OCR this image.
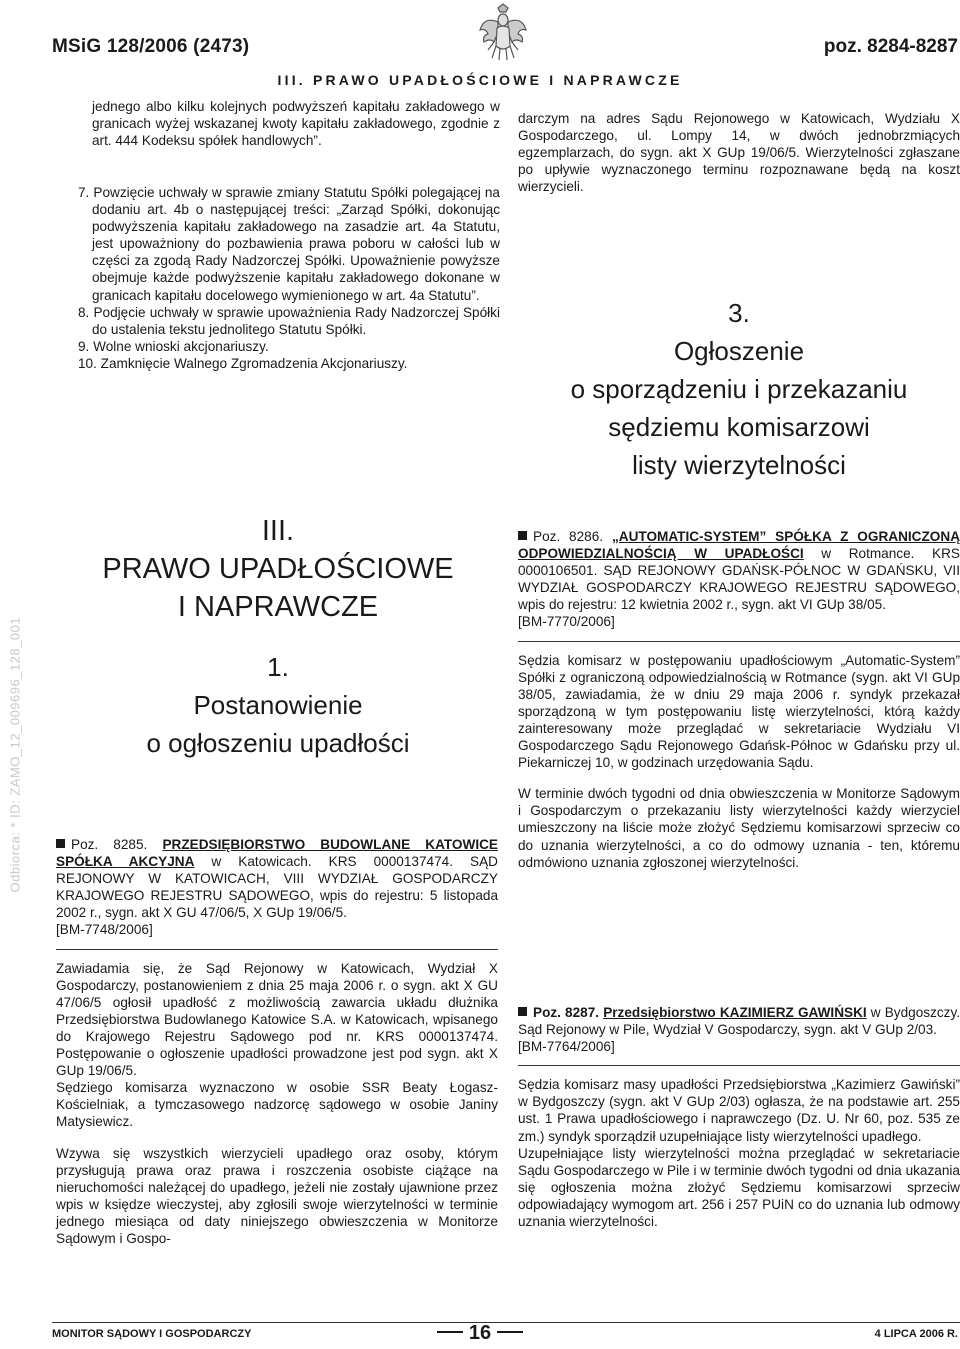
MSiG 128/2006 (2473)	poz. 8284-8287
III. PRAWO UPADŁOŚCIOWE I NAPRAWCZE

jednego albo kilku kolejnych podwyższeń kapitału zakładowego w granicach wyżej wskazanej kwoty kapitału zakładowego, zgodnie z art. 444 Kodeksu spółek handlowych”.

7. Powzięcie uchwały w sprawie zmiany Statutu Spółki polegającej na dodaniu art. 4b o następującej treści: „Zarząd Spółki, dokonując podwyższenia kapitału zakładowego na zasadzie art. 4a Statutu, jest upoważniony do pozbawienia prawa poboru w całości lub w części za zgodą Rady Nadzorczej Spółki. Upoważnienie powyższe obejmuje każde podwyższenie kapitału zakładowego dokonane w granicach kapitału docelowego wymienionego w art. 4a Statutu”.

8. Podjęcie uchwały w sprawie upoważnienia Rady Nadzorczej Spółki do ustalenia tekstu jednolitego Statutu Spółki.

9. Wolne wnioski akcjonariuszy.

10. Zamknięcie Walnego Zgromadzenia Akcjonariuszy.

darczym na adres Sądu Rejonowego w Katowicach, Wydziału X Gospodarczego, ul. Lompy 14, w dwóch jednobrzmiących egzemplarzach, do sygn. akt X GUp 19/06/5. Wierzytelności zgłaszane po upływie wyznaczonego terminu rozpoznawane będą na koszt wierzycieli.

3.
Ogłoszenie
o sporządzeniu i przekazaniu
sędziemu komisarzowi
listy wierzytelności
III.
PRAWO UPADŁOŚCIOWE
I NAPRAWCZE
1.
Postanowienie
o ogłoszeniu upadłości

Poz. 8285. PRZEDSIĘBIORSTWO BUDOWLANE KATOWICE SPÓŁKA AKCYJNA w Katowicach. KRS 0000137474. SĄD REJONOWY W KATOWICACH, VIII WYDZIAŁ GOSPODARCZY KRAJOWEGO REJESTRU SĄDOWEGO, wpis do rejestru: 5 listopada 2002 r., sygn. akt X GU 47/06/5, X GUp 19/06/5.

[BM-7748/2006]

Zawiadamia się, że Sąd Rejonowy w Katowicach, Wydział X Gospodarczy, postanowieniem z dnia 25 maja 2006 r. o sygn. akt X GU 47/06/5 ogłosił upadłość z możliwością zawarcia układu dłużnika Przedsiębiorstwa Budowlanego Katowice S.A. w Katowicach, wpisanego do Krajowego Rejestru Sądowego pod nr. KRS 0000137474. Postępowanie o ogłoszenie upadłości prowadzone jest pod sygn. akt X GUp 19/06/5.

Sędziego komisarza wyznaczono w osobie SSR Beaty Łogasz-Kościelniak, a tymczasowego nadzorcę sądowego w osobie Janiny Matysiewicz.

Wzywa się wszystkich wierzycieli upadłego oraz osoby, którym przysługują prawa oraz prawa i roszczenia osobiste ciążące na nieruchomości należącej do upadłego, jeżeli nie zostały ujawnione przez wpis w księdze wieczystej, aby zgłosili swoje wierzytelności w terminie jednego miesiąca od daty niniejszego obwieszczenia w Monitorze Sądowym i Gospo-

Poz. 8286. „AUTOMATIC-SYSTEM” SPÓŁKA Z OGRANICZONĄ ODPOWIEDZIALNOŚCIĄ W UPADŁOŚCI w Rotmance. KRS 0000106501. SĄD REJONOWY GDAŃSK-PÓŁNOC W GDAŃSKU, VII WYDZIAŁ GOSPODARCZY KRAJOWEGO REJESTRU SĄDOWEGO, wpis do rejestru: 12 kwietnia 2002 r., sygn. akt VI GUp 38/05.

[BM-7770/2006]

Sędzia komisarz w postępowaniu upadłościowym „Automatic-System” Spółki z ograniczoną odpowiedzialnością w Rotmance (sygn. akt VI GUp 38/05, zawiadamia, że w dniu 29 maja 2006 r. syndyk przekazał sporządzoną w tym postępowaniu listę wierzytelności, którą każdy zainteresowany może przeglądać w sekretariacie Wydziału VI Gospodarczego Sądu Rejonowego Gdańsk-Północ w Gdańsku przy ul. Piekarniczej 10, w godzinach urzędowania Sądu.

W terminie dwóch tygodni od dnia obwieszczenia w Monitorze Sądowym i Gospodarczym o przekazaniu listy wierzytelności każdy wierzyciel umieszczony na liście może złożyć Sędziemu komisarzowi sprzeciw co do uznania wierzytelności, a co do odmowy uznania - ten, któremu odmówiono uznania zgłoszonej wierzytelności.

Poz. 8287. Przedsiębiorstwo KAZIMIERZ GAWIŃSKI w Bydgoszczy. Sąd Rejonowy w Pile, Wydział V Gospodarczy, sygn. akt V GUp 2/03.

[BM-7764/2006]

Sędzia komisarz masy upadłości Przedsiębiorstwa „Kazimierz Gawiński” w Bydgoszczy (sygn. akt V GUp 2/03) ogłasza, że na podstawie art. 255 ust. 1 Prawa upadłościowego i naprawczego (Dz. U. Nr 60, poz. 535 ze zm.) syndyk sporządził uzupełniające listy wierzytelności upadłego.

Uzupełniające listy wierzytelności można przeglądać w sekretariacie Sądu Gospodarczego w Pile i w terminie dwóch tygodni od dnia ukazania się ogłoszenia można złożyć Sędziemu komisarzowi sprzeciw odpowiadający wymogom art. 256 i 257 PUiN co do uznania lub odmowy uznania wierzytelności.

Odbiorca: * ID: ZAMO_12_009696_128_001
MONITOR SĄDOWY I GOSPODARCZY	16	4 LIPCA 2006 R.
